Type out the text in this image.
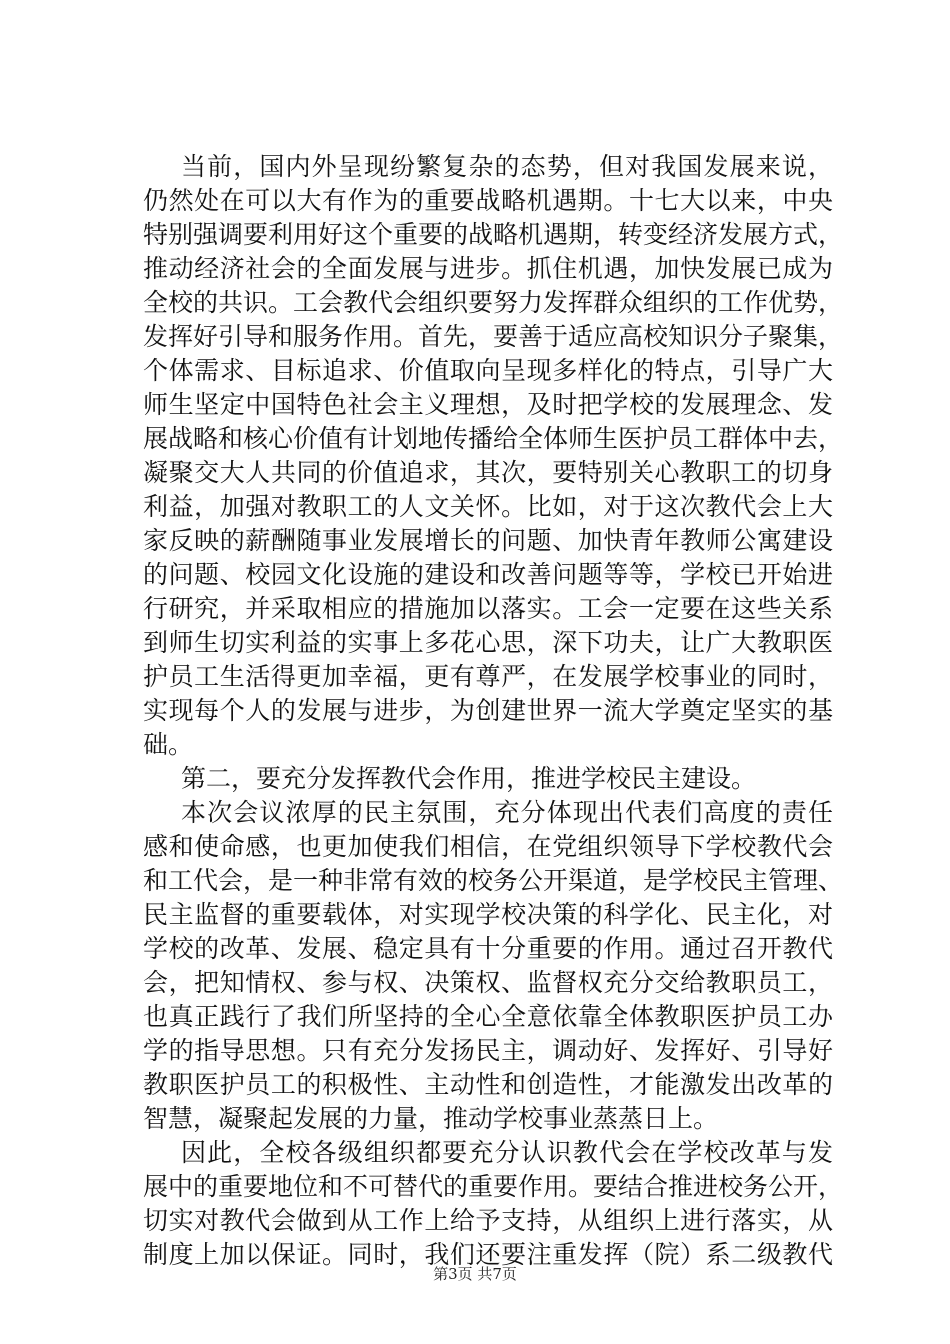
当前，国内外呈现纷繁复杂的态势，但对我国发展来说，
仍然处在可以大有作为的重要战略机遇期。十七大以来，中央
特别强调要利用好这个重要的战略机遇期，转变经济发展方式，
推动经济社会的全面发展与进步。抓住机遇，加快发展已成为
全校的共识。工会教代会组织要努力发挥群众组织的工作优势，
发挥好引导和服务作用。首先，要善于适应高校知识分子聚集，
个体需求、目标追求、价值取向呈现多样化的特点，引导广大
师生坚定中国特色社会主义理想，及时把学校的发展理念、发
展战略和核心价值有计划地传播给全体师生医护员工群体中去，
凝聚交大人共同的价值追求，其次，要特别关心教职工的切身
利益，加强对教职工的人文关怀。比如，对于这次教代会上大
家反映的薪酬随事业发展增长的问题、加快青年教师公寓建设
的问题、校园文化设施的建设和改善问题等等，学校已开始进
行研究，并采取相应的措施加以落实。工会一定要在这些关系
到师生切实利益的实事上多花心思，深下功夫，让广大教职医
护员工生活得更加幸福，更有尊严，在发展学校事业的同时，
实现每个人的发展与进步，为创建世界一流大学奠定坚实的基
础。
第二，要充分发挥教代会作用，推进学校民主建设。
本次会议浓厚的民主氛围，充分体现出代表们高度的责任
感和使命感，也更加使我们相信，在党组织领导下学校教代会
和工代会，是一种非常有效的校务公开渠道，是学校民主管理、
民主监督的重要载体，对实现学校决策的科学化、民主化，对
学校的改革、发展、稳定具有十分重要的作用。通过召开教代
会，把知情权、参与权、决策权、监督权充分交给教职员工，
也真正践行了我们所坚持的全心全意依靠全体教职医护员工办
学的指导思想。只有充分发扬民主，调动好、发挥好、引导好
教职医护员工的积极性、主动性和创造性，才能激发出改革的
智慧，凝聚起发展的力量，推动学校事业蒸蒸日上。
因此，全校各级组织都要充分认识教代会在学校改革与发
展中的重要地位和不可替代的重要作用。要结合推进校务公开，
切实对教代会做到从工作上给予支持，从组织上进行落实，从
制度上加以保证。同时，我们还要注重发挥（院）系二级教代
第3页 共7页
